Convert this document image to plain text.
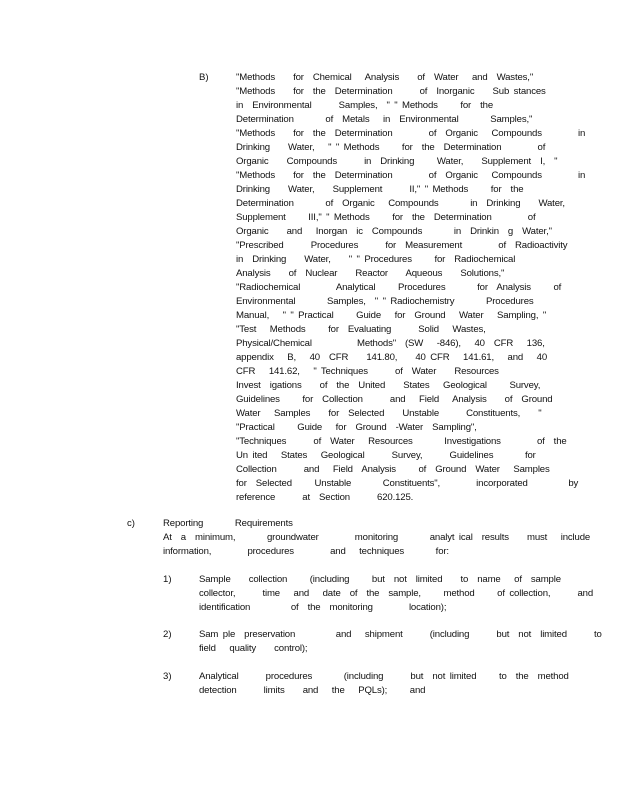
B)	"Methods    for  Chemical   Analysis    of  Water   and  Wastes,"
"Methods    for  the  Determination      of  Inorganic    Sub stances
in  Environmental      Samples,  " " Methods     for  the
Determination       of  Metals   in  Environmental       Samples,"
"Methods    for  the  Determination        of  Organic   Compounds        in
Drinking    Water,   " " Methods     for  the  Determination        of
Organic    Compounds      in  Drinking     Water,    Supplement  I,  "
"Methods    for  the  Determination        of  Organic   Compounds        in
Drinking    Water,    Supplement      II," " Methods     for  the
Determination       of  Organic   Compounds       in  Drinking    Water,
Supplement     III," " Methods     for  the  Determination        of
Organic    and   Inorgan  ic  Compounds       in  Drinkin  g  Water,"
"Prescribed      Procedures      for  Measurement        of  Radioactivity
in  Drinking    Water,    " " Procedures     for  Radiochemical
Analysis    of  Nuclear    Reactor    Aqueous    Solutions,"
"Radiochemical        Analytical     Procedures       for  Analysis     of
Environmental       Samples,  " " Radiochemistry       Procedures
Manual,   " " Practical     Guide   for  Ground   Water   Sampling, "
"Test   Methods     for  Evaluating      Solid   Wastes,
Physical/Chemical          Methods"  (SW   -846),   40  CFR   136,
appendix   B,   40  CFR    141.80,    40 CFR   141.61,   and   40
CFR   141.62,   " Techniques      of  Water    Resources
Invest  igations    of  the  United    States   Geological     Survey,
Guidelines     for  Collection      and   Field   Analysis    of  Ground
Water   Samples    for  Selected    Unstable      Constituents,    "
"Practical     Guide   for  Ground  -Water  Sampling",
"Techniques      of  Water   Resources       Investigations        of  the
Un ited   States   Geological      Survey,      Guidelines       for
Collection      and   Field  Analysis     of  Ground  Water   Samples
for  Selected     Unstable       Constituents",        incorporated         by
reference      at  Section      620.125.
c)	Reporting       Requirements
At  a  minimum,       groundwater        monitoring       analyt ical  results    must   include
information,        procedures        and   techniques       for:
1)	Sample    collection     (including     but  not  limited    to  name   of  sample
collector,      time   and   date  of  the  sample,     method     of collection,      and
identification         of  the  monitoring        location);
2)	Sam ple  preservation         and   shipment      (including      but  not  limited      to
field   quality    control);
3)	Analytical      procedures       (including      but  not limited     to  the  method
detection      limits    and   the   PQLs);     and
